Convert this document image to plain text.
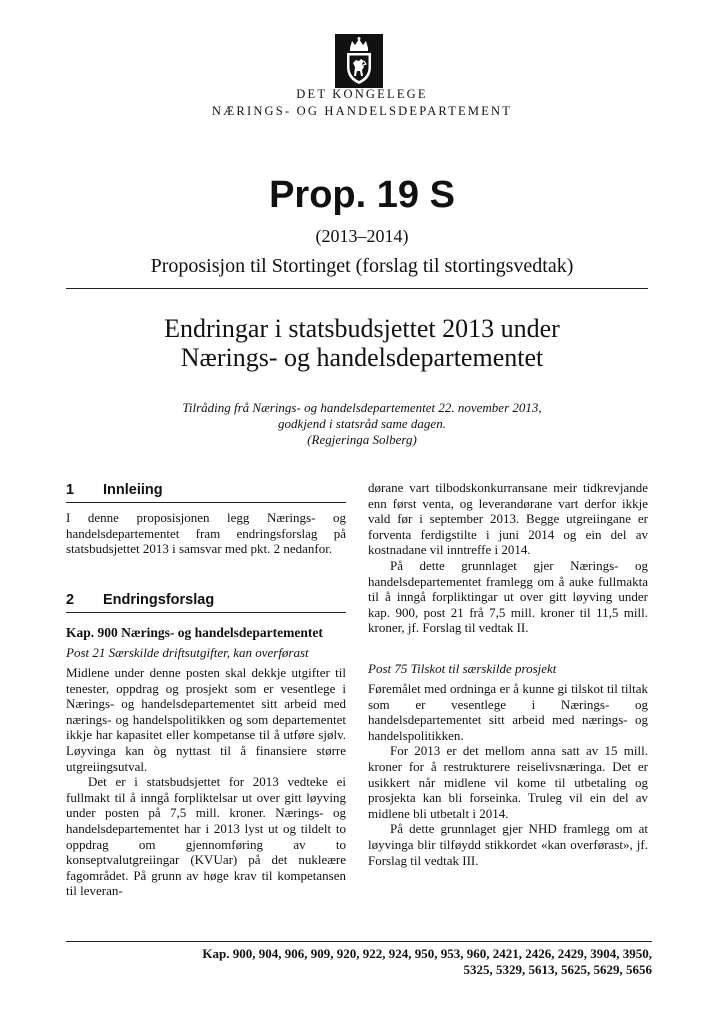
DET KONGELEGE
NÆRINGS- OG HANDELSDEPARTEMENT
Prop. 19 S
(2013–2014)
Proposisjon til Stortinget (forslag til stortingsvedtak)
Endringar i statsbudsjettet 2013 under
Nærings- og handelsdepartementet
Tilråding frå Nærings- og handelsdepartementet 22. november 2013,
godkjend i statsråd same dagen.
(Regjeringa Solberg)
1 Innleiing

I denne proposisjonen legg Nærings- og handelsdepartementet fram endringsforslag på statsbudsjettet 2013 i samsvar med pkt. 2 nedanfor.

2 Endringsforslag
Kap. 900 Nærings- og handelsdepartementet
Post 21 Særskilde driftsutgifter, kan overførast

Midlene under denne posten skal dekkje utgifter til tenester, oppdrag og prosjekt som er vesentlege i Nærings- og handelsdepartementet sitt arbeid med nærings- og handelspolitikken og som departementet ikkje har kapasitet eller kompetanse til å utføre sjølv. Løyvinga kan òg nyttast til å finansiere større utgreiingsutval.

Det er i statsbudsjettet for 2013 vedteke ei fullmakt til å inngå forpliktelsar ut over gitt løyving under posten på 7,5 mill. kroner. Nærings- og handelsdepartementet har i 2013 lyst ut og tildelt to oppdrag om gjennomføring av to konseptvalutgreiingar (KVUar) på det nukleære fagområdet. På grunn av høge krav til kompetansen til leveran-

dørane vart tilbodskonkurransane meir tidkrevjande enn først venta, og leverandørane vart derfor ikkje vald før i september 2013. Begge utgreiingane er forventa ferdigstilte i juni 2014 og ein del av kostnadane vil inntreffe i 2014.

På dette grunnlaget gjer Nærings- og handelsdepartementet framlegg om å auke fullmakta til å inngå forpliktingar ut over gitt løyving under kap. 900, post 21 frå 7,5 mill. kroner til 11,5 mill. kroner, jf. Forslag til vedtak II.

Post 75 Tilskot til særskilde prosjekt

Føremålet med ordninga er å kunne gi tilskot til tiltak som er vesentlege i Nærings- og handelsdepartementet sitt arbeid med nærings- og handelspolitikken.

For 2013 er det mellom anna satt av 15 mill. kroner for å restrukturere reiselivsnæringa. Det er usikkert når midlene vil kome til utbetaling og prosjekta kan bli forseinka. Truleg vil ein del av midlene bli utbetalt i 2014.

På dette grunnlaget gjer NHD framlegg om at løyvinga blir tilføydd stikkordet «kan overførast», jf. Forslag til vedtak III.

Kap. 900, 904, 906, 909, 920, 922, 924, 950, 953, 960, 2421, 2426, 2429, 3904, 3950,
5325, 5329, 5613, 5625, 5629, 5656
